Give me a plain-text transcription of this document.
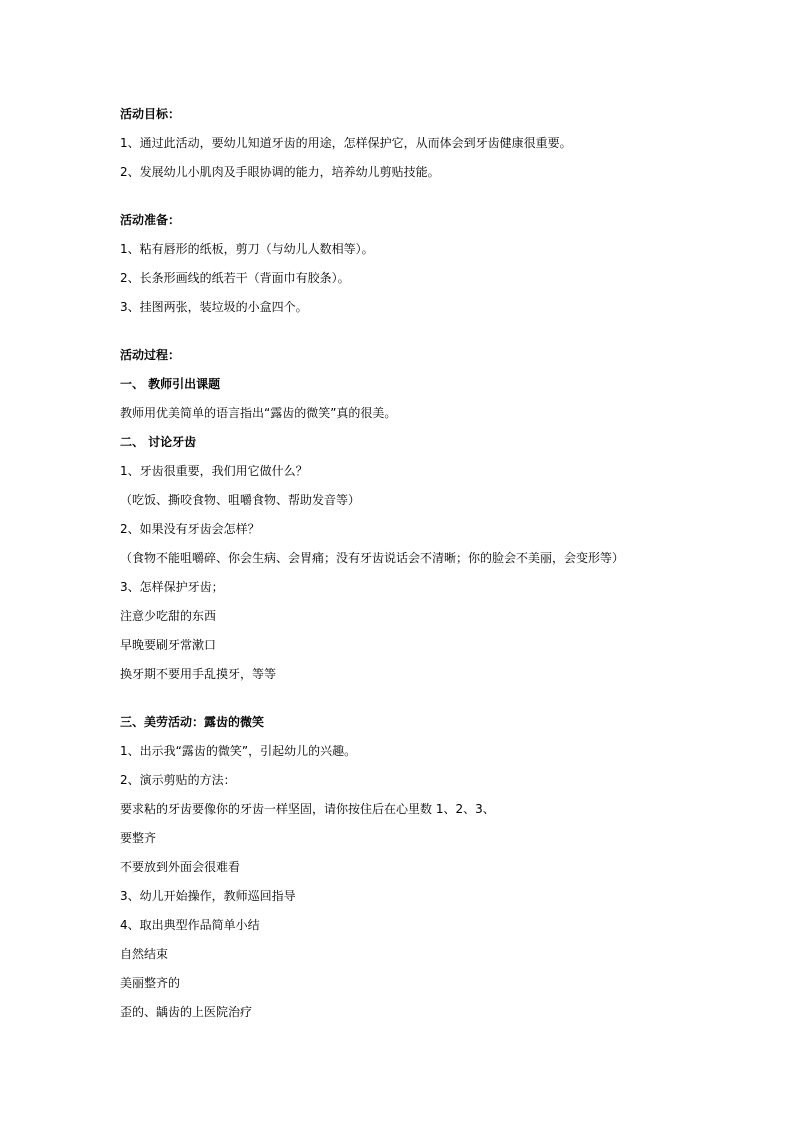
活动目标：
1、通过此活动，要幼儿知道牙齿的用途，怎样保护它，从而体会到牙齿健康很重要。
2、发展幼儿小肌肉及手眼协调的能力，培养幼儿剪贴技能。
活动准备：
1、粘有唇形的纸板，剪刀（与幼儿人数相等）。
2、长条形画线的纸若干（背面巾有胶条）。
3、挂图两张，装垃圾的小盒四个。
活动过程：
一、 教师引出课题
教师用优美简单的语言指出“露齿的微笑”真的很美。
二、 讨论牙齿
1、牙齿很重要，我们用它做什么？
（吃饭、撕咬食物、咀嚼食物、帮助发音等）
2、如果没有牙齿会怎样？
（食物不能咀嚼碎、你会生病、会胃痛；没有牙齿说话会不清晰；你的脸会不美丽，会变形等）
3、怎样保护牙齿；
注意少吃甜的东西
早晚要刷牙常漱口
换牙期不要用手乱摸牙，等等
三、美劳活动：露齿的微笑
1、出示我“露齿的微笑”，引起幼儿的兴趣。
2、演示剪贴的方法：
要求粘的牙齿要像你的牙齿一样坚固，请你按住后在心里数 1、2、3、
要整齐
不要放到外面会很难看
3、幼儿开始操作，教师巡回指导
4、取出典型作品简单小结
自然结束
美丽整齐的
歪的、龋齿的上医院治疗
